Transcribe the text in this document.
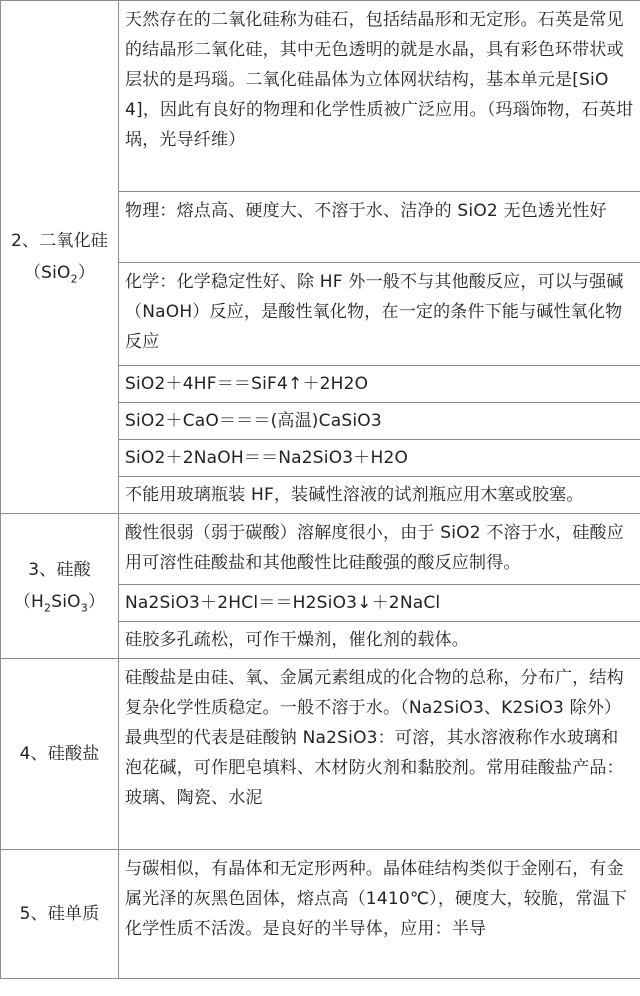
2、二氧化硅
（SiO$_2$）	天然存在的二氧化硅称为硅石，包括结晶形和无定形。石英是常见的结晶形二氧化硅，其中无色透明的就是水晶，具有彩色环带状或层状的是玛瑙。二氧化硅晶体为立体网状结构，基本单元是[SiO4]，因此有良好的物理和化学性质被广泛应用。（玛瑙饰物，石英坩埚，光导纤维）
	物理：熔点高、硬度大、不溶于水、洁净的 SiO2 无色透光性好
	化学：化学稳定性好、除 HF 外一般不与其他酸反应，可以与强碱（NaOH）反应，是酸性氧化物，在一定的条件下能与碱性氧化物反应
	SiO2＋4HF＝＝SiF4↑＋2H2O
	SiO2＋CaO＝＝＝(高温)CaSiO3
	SiO2＋2NaOH＝＝Na2SiO3＋H2O
	不能用玻璃瓶装 HF，装碱性溶液的试剂瓶应用木塞或胶塞。

3、硅酸
$(H_2SiO_3)$	酸性很弱（弱于碳酸）溶解度很小，由于 SiO2 不溶于水，硅酸应用可溶性硅酸盐和其他酸性比硅酸强的酸反应制得。
	Na2SiO3＋2HCl＝＝H2SiO3↓＋2NaCl
	硅胶多孔疏松，可作干燥剂，催化剂的载体。

4、硅酸盐	硅酸盐是由硅、氧、金属元素组成的化合物的总称，分布广，结构复杂化学性质稳定。一般不溶于水。（Na2SiO3、K2SiO3 除外）最典型的代表是硅酸钠 Na2SiO3：可溶，其水溶液称作水玻璃和泡花碱，可作肥皂填料、木材防火剂和黏胶剂。常用硅酸盐产品：玻璃、陶瓷、水泥

5、硅单质	与碳相似，有晶体和无定形两种。晶体硅结构类似于金刚石，有金属光泽的灰黑色固体，熔点高（1410℃），硬度大，较脆，常温下化学性质不活泼。是良好的半导体，应用：半导
